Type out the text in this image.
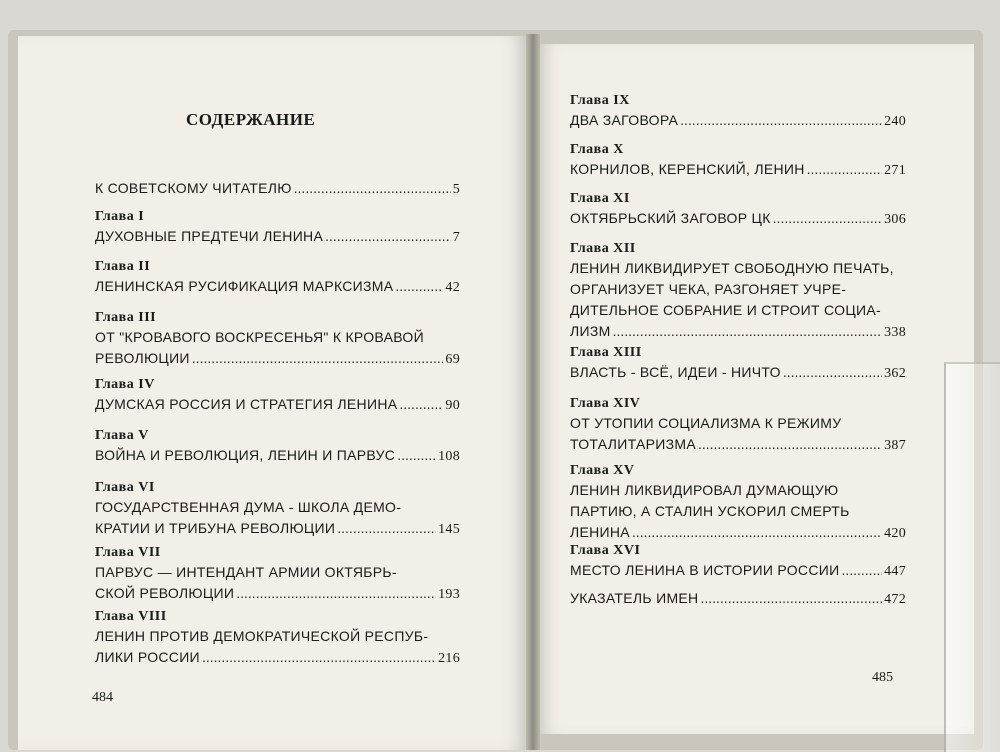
СОДЕРЖАНИЕ
К СОВЕТСКОМУ ЧИТАТЕЛЮ .....	5
Глава I
ДУХОВНЫЕ ПРЕДТЕЧИ ЛЕНИНА .....	7
Глава II
ЛЕНИНСКАЯ РУСИФИКАЦИЯ МАРКСИЗМА .....	42
Глава III
ОТ "КРОВАВОГО ВОСКРЕСЕНЬЯ" К КРОВАВОЙ
РЕВОЛЮЦИИ .....	69
Глава IV
ДУМСКАЯ РОССИЯ И СТРАТЕГИЯ ЛЕНИНА .....	90
Глава V
ВОЙНА И РЕВОЛЮЦИЯ, ЛЕНИН И ПАРВУС .....	108
Глава VI
ГОСУДАРСТВЕННАЯ ДУМА - ШКОЛА ДЕМО-
КРАТИИ И ТРИБУНА РЕВОЛЮЦИИ .....	145
Глава VII
ПАРВУС — ИНТЕНДАНТ АРМИИ ОКТЯБРЬ-
СКОЙ РЕВОЛЮЦИИ .....	193
Глава VIII
ЛЕНИН ПРОТИВ ДЕМОКРАТИЧЕСКОЙ РЕСПУБ-
ЛИКИ РОССИИ .....	216
Глава IX
ДВА ЗАГОВОРА .....	240
Глава X
КОРНИЛОВ, КЕРЕНСКИЙ, ЛЕНИН .....	271
Глава XI
ОКТЯБРЬСКИЙ ЗАГОВОР ЦК .....	306
Глава XII
ЛЕНИН ЛИКВИДИРУЕТ СВОБОДНУЮ ПЕЧАТЬ,
ОРГАНИЗУЕТ ЧЕКА, РАЗГОНЯЕТ УЧРЕ-
ДИТЕЛЬНОЕ СОБРАНИЕ И СТРОИТ СОЦИА-
ЛИЗМ .....	338
Глава XIII
ВЛАСТЬ - ВСЁ, ИДЕИ - НИЧТО .....	362
Глава XIV
ОТ УТОПИИ СОЦИАЛИЗМА К РЕЖИМУ
ТОТАЛИТАРИЗМА .....	387
Глава XV
ЛЕНИН ЛИКВИДИРОВАЛ ДУМАЮЩУЮ
ПАРТИЮ, А СТАЛИН УСКОРИЛ СМЕРТЬ
ЛЕНИНА .....	420
Глава XVI
МЕСТО ЛЕНИНА В ИСТОРИИ РОССИИ .....	447
УКАЗАТЕЛЬ ИМЕН .....	472
484
485
